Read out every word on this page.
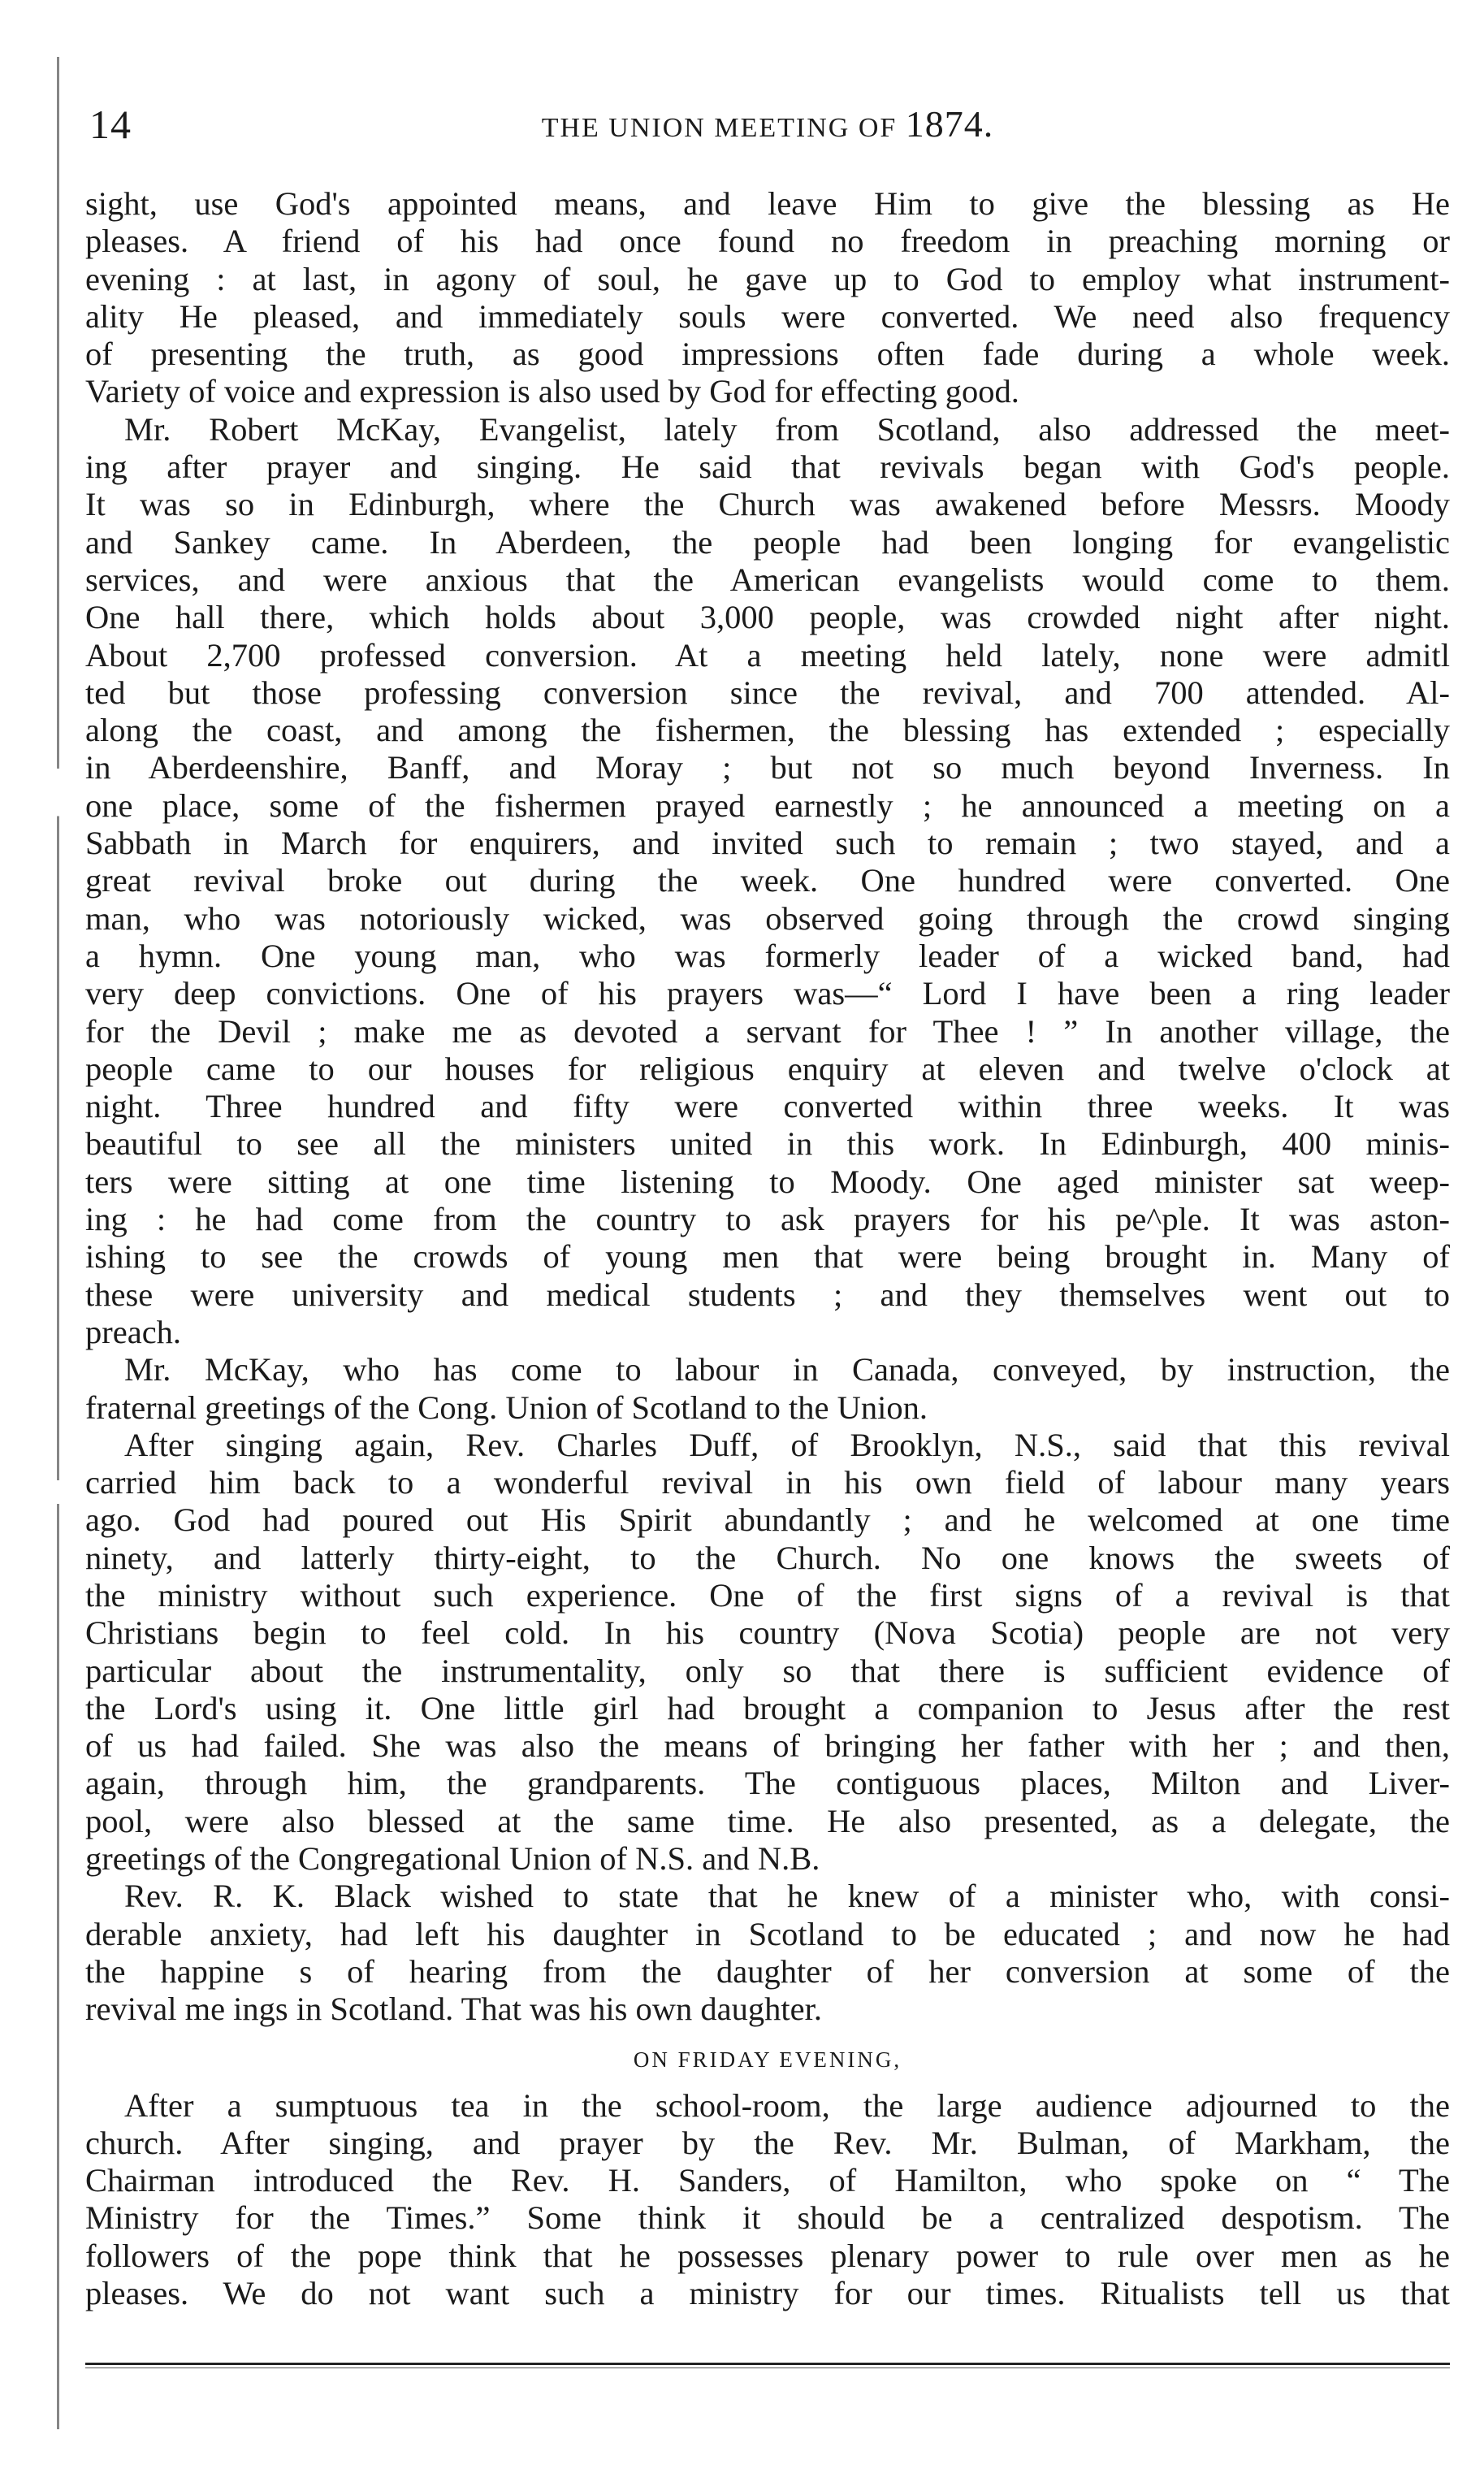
14	THE UNION MEETING OF 1874.
sight, use God's appointed means, and leave Him to give the blessing as He
pleases. A friend of his had once found no freedom in preaching morning or
evening : at last, in agony of soul, he gave up to God to employ what instrument-
ality He pleased, and immediately souls were converted. We need also frequency
of presenting the truth, as good impressions often fade during a whole week.
Variety of voice and expression is also used by God for effecting good.
Mr. Robert McKay, Evangelist, lately from Scotland, also addressed the meet-
ing after prayer and singing. He said that revivals began with God's people.
It was so in Edinburgh, where the Church was awakened before Messrs. Moody
and Sankey came. In Aberdeen, the people had been longing for evangelistic
services, and were anxious that the American evangelists would come to them.
One hall there, which holds about 3,000 people, was crowded night after night.
About 2,700 professed conversion. At a meeting held lately, none were admitl
ted but those professing conversion since the revival, and 700 attended. Al-
along the coast, and among the fishermen, the blessing has extended ; especially
in Aberdeenshire, Banff, and Moray ; but not so much beyond Inverness. In
one place, some of the fishermen prayed earnestly ; he announced a meeting on a
Sabbath in March for enquirers, and invited such to remain ; two stayed, and a
great revival broke out during the week. One hundred were converted. One
man, who was notoriously wicked, was observed going through the crowd singing
a hymn. One young man, who was formerly leader of a wicked band, had
very deep convictions. One of his prayers was—“ Lord I have been a ring leader
for the Devil ; make me as devoted a servant for Thee ! ” In another village, the
people came to our houses for religious enquiry at eleven and twelve o'clock at
night. Three hundred and fifty were converted within three weeks. It was
beautiful to see all the ministers united in this work. In Edinburgh, 400 minis-
ters were sitting at one time listening to Moody. One aged minister sat weep-
ing : he had come from the country to ask prayers for his pe^ple. It was aston-
ishing to see the crowds of young men that were being brought in. Many of
these were university and medical students ; and they themselves went out to
preach.
Mr. McKay, who has come to labour in Canada, conveyed, by instruction, the
fraternal greetings of the Cong. Union of Scotland to the Union.
After singing again, Rev. Charles Duff, of Brooklyn, N.S., said that this revival
carried him back to a wonderful revival in his own field of labour many years
ago. God had poured out His Spirit abundantly ; and he welcomed at one time
ninety, and latterly thirty-eight, to the Church. No one knows the sweets of
the ministry without such experience. One of the first signs of a revival is that
Christians begin to feel cold. In his country (Nova Scotia) people are not very
particular about the instrumentality, only so that there is sufficient evidence of
the Lord's using it. One little girl had brought a companion to Jesus after the rest
of us had failed. She was also the means of bringing her father with her ; and then,
again, through him, the grandparents. The contiguous places, Milton and Liver-
pool, were also blessed at the same time. He also presented, as a delegate, the
greetings of the Congregational Union of N.S. and N.B.
Rev. R. K. Black wished to state that he knew of a minister who, with consi-
derable anxiety, had left his daughter in Scotland to be educated ; and now he had
the happine s of hearing from the daughter of her conversion at some of the
revival me ings in Scotland. That was his own daughter.
ON FRIDAY EVENING,
After a sumptuous tea in the school-room, the large audience adjourned to the
church. After singing, and prayer by the Rev. Mr. Bulman, of Markham, the
Chairman introduced the Rev. H. Sanders, of Hamilton, who spoke on “ The
Ministry for the Times.” Some think it should be a centralized despotism. The
followers of the pope think that he possesses plenary power to rule over men as he
pleases. We do not want such a ministry for our times. Ritualists tell us that
